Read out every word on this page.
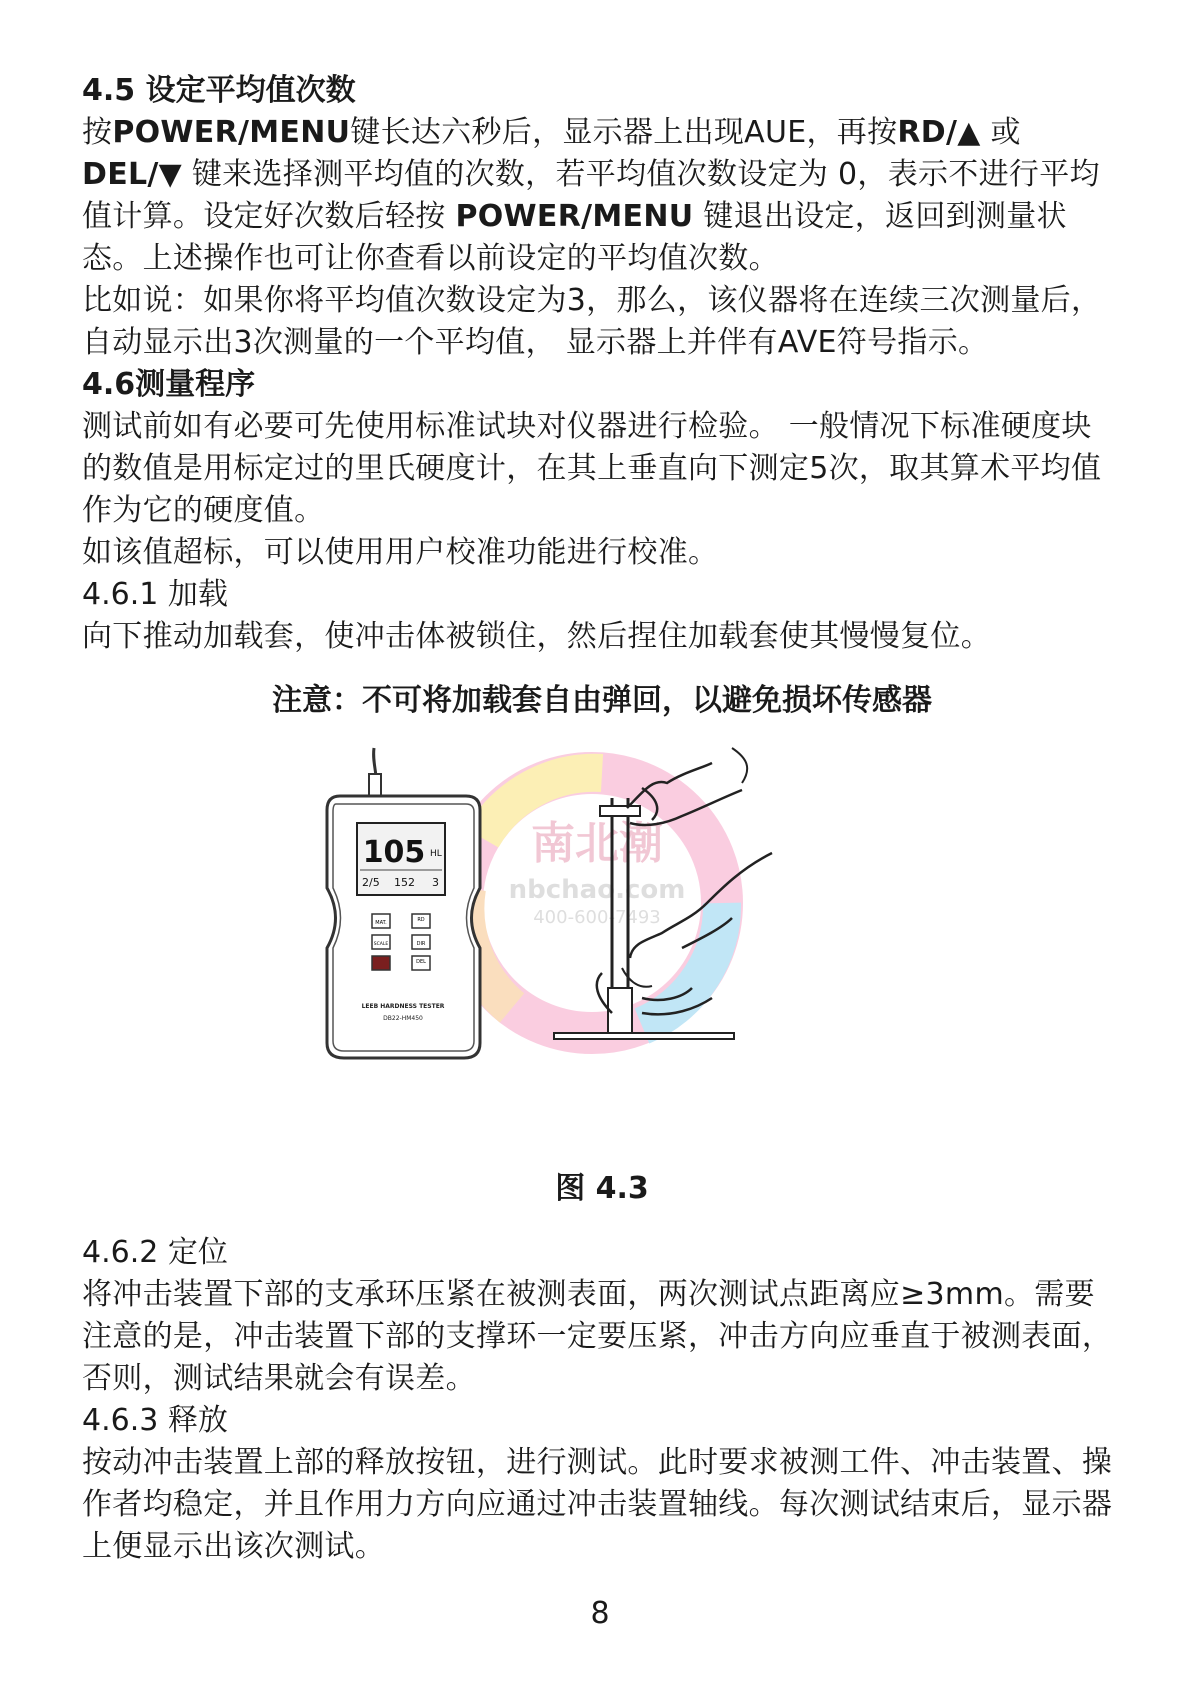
4.5 设定平均值次数

按POWER/MENU键长达六秒后，显示器上出现AUE，再按RD/▲ 或
DEL/▼ 键来选择测平均值的次数，若平均值次数设定为 0，表示不进行平均值计算。设定好次数后轻按 POWER/MENU 键退出设定，返回到测量状态。上述操作也可让你查看以前设定的平均值次数。

比如说：如果你将平均值次数设定为3，那么，该仪器将在连续三次测量后，自动显示出3次测量的一个平均值， 显示器上并伴有AVE符号指示。

4.6测量程序

测试前如有必要可先使用标准试块对仪器进行检验。 一般情况下标准硬度块的数值是用标定过的里氏硬度计，在其上垂直向下测定5次，取其算术平均值作为它的硬度值。

如该值超标，可以使用用户校准功能进行校准。

4.6.1 加载

向下推动加载套，使冲击体被锁住，然后捏住加载套使其慢慢复位。

注意：不可将加载套自由弹回，以避免损坏传感器

南北潮
nbchao.com
400-600-7493
105 HL
2/5 152 3
MAT.	RD
SCALE	DIR
DEL
LEEB HARDNESS TESTER
DB22-HM450

图 4.3

4.6.2 定位

将冲击装置下部的支承环压紧在被测表面，两次测试点距离应≥3mm。需要注意的是，冲击装置下部的支撑环一定要压紧，冲击方向应垂直于被测表面，否则，测试结果就会有误差。

4.6.3 释放

按动冲击装置上部的释放按钮，进行测试。此时要求被测工件、冲击装置、操作者均稳定，并且作用力方向应通过冲击装置轴线。每次测试结束后，显示器上便显示出该次测试。

8
